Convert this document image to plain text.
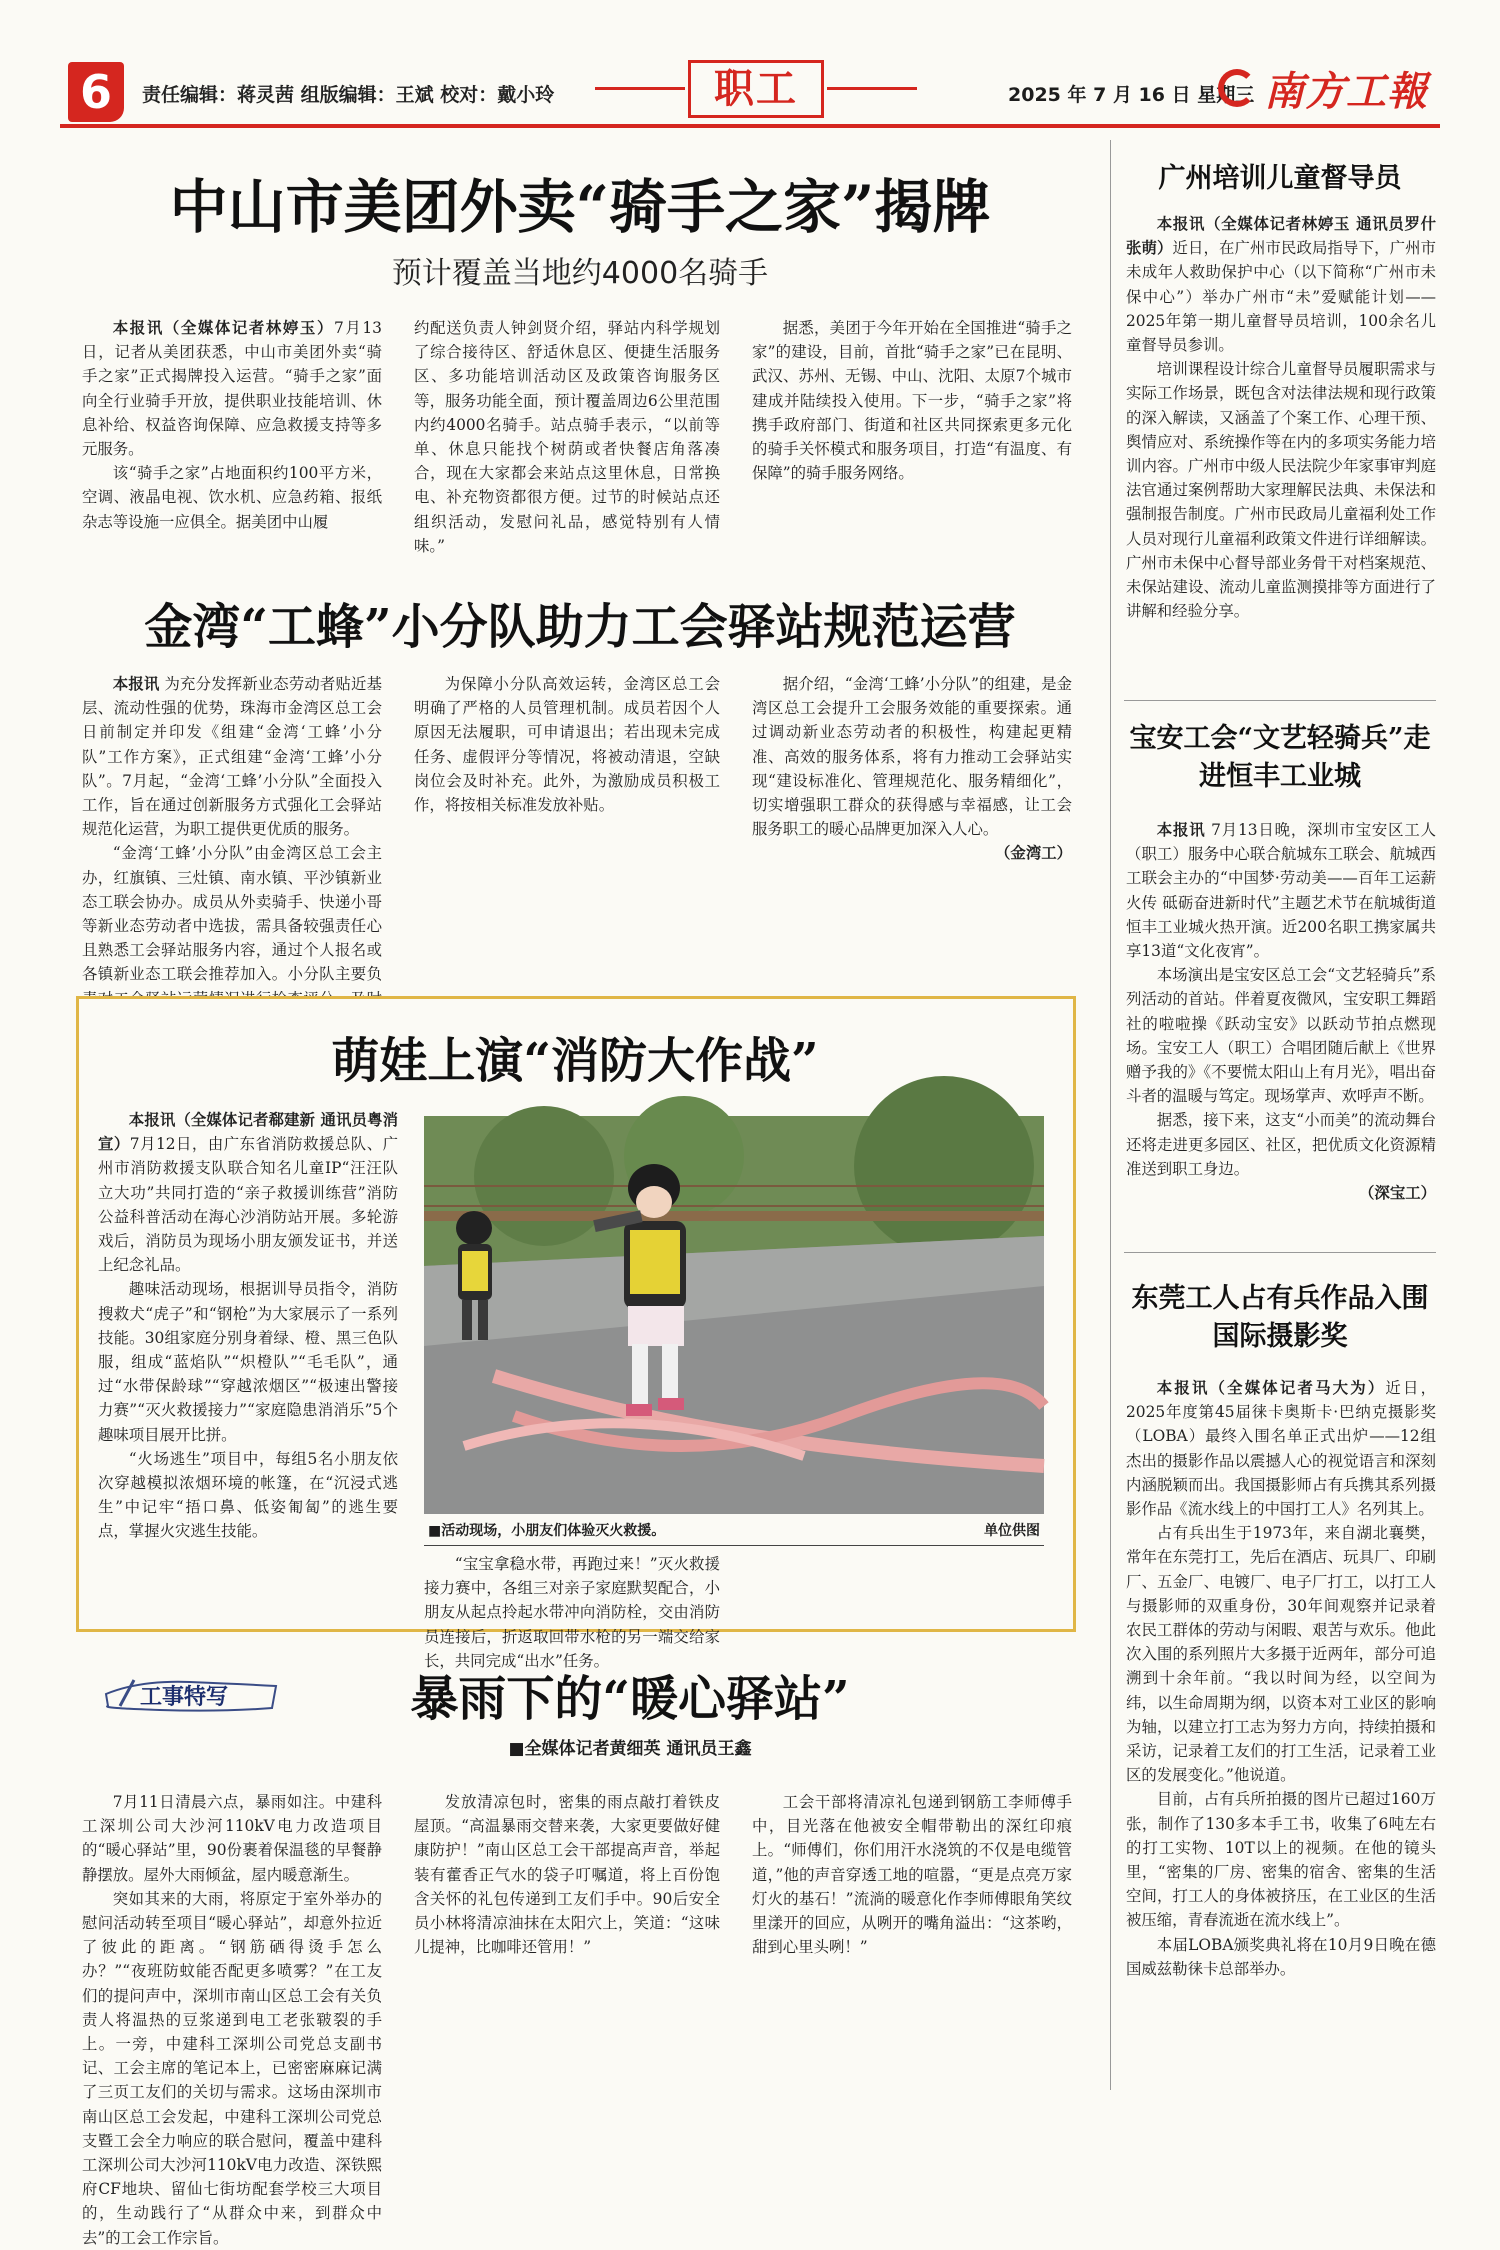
6	责任编辑：蒋灵茜 组版编辑：王斌 校对：戴小玲	职工	2025 年 7 月 16 日 星期三 南方工報
中山市美团外卖“骑手之家”揭牌
预计覆盖当地约4000名骑手

本报讯（全媒体记者林婷玉）7月13日，记者从美团获悉，中山市美团外卖“骑手之家”正式揭牌投入运营。“骑手之家”面向全行业骑手开放，提供职业技能培训、休息补给、权益咨询保障、应急救援支持等多元服务。

该“骑手之家”占地面积约100平方米，空调、液晶电视、饮水机、应急药箱、报纸杂志等设施一应俱全。据美团中山履

约配送负责人钟剑贤介绍，驿站内科学规划了综合接待区、舒适休息区、便捷生活服务区、多功能培训活动区及政策咨询服务区等，服务功能全面，预计覆盖周边6公里范围内约4000名骑手。站点骑手表示，“以前等单、休息只能找个树荫或者快餐店角落凑合，现在大家都会来站点这里休息，日常换电、补充物资都很方便。过节的时候站点还组织活动，发慰问礼品，感觉特别有人情味。”

据悉，美团于今年开始在全国推进“骑手之家”的建设，目前，首批“骑手之家”已在昆明、武汉、苏州、无锡、中山、沈阳、太原7个城市建成并陆续投入使用。下一步，“骑手之家”将携手政府部门、街道和社区共同探索更多元化的骑手关怀模式和服务项目，打造“有温度、有保障”的骑手服务网络。

金湾“工蜂”小分队助力工会驿站规范运营

本报讯 为充分发挥新业态劳动者贴近基层、流动性强的优势，珠海市金湾区总工会日前制定并印发《组建“金湾‘工蜂’小分队”工作方案》，正式组建“金湾‘工蜂’小分队”。7月起，“金湾‘工蜂’小分队”全面投入工作，旨在通过创新服务方式强化工会驿站规范化运营，为职工提供更优质的服务。

“金湾‘工蜂’小分队”由金湾区总工会主办，红旗镇、三灶镇、南水镇、平沙镇新业态工联会协办。成员从外卖骑手、快递小哥等新业态劳动者中选拔，需具备较强责任心且熟悉工会驿站服务内容，通过个人报名或各镇新业态工联会推荐加入。小分队主要负

为保障小分队高效运转，金湾区总工会明确了严格的人员管理机制。成员若因个人原因无法履职，可申请退出；若出现未完成任务、虚假评分等情况，将被动清退，空缺岗位会及时补充。此外，为激励成员积极工作，将按相关标准发放补贴。

据介绍，“金湾‘工蜂’小分队”的组建，是金湾区总工会提升工会服务效能的重要探索。通过调动新业态劳动者的积极性，构建起更精准、高效的服务体系，将有力推动工会驿站实现“建设标准化、管理规范化、服务精细化”，切实增强职工群众的获得感与幸福感，让工会服务职工的暖心品牌更加深入人心。

（金湾工）

萌娃上演“消防大作战”

本报讯（全媒体记者郗建新 通讯员粤消宣）7月12日，由广东省消防救援总队、广州市消防救援支队联合知名儿童IP“汪汪队立大功”共同打造的“亲子救援训练营”消防公益科普活动在海心沙消防站开展。多轮游戏后，消防员为现场小朋友颁发证书，并送上纪念礼品。

趣味活动现场，根据训导员指令，消防搜救犬“虎子”和“钢枪”为大家展示了一系列技能。30组家庭分别身着绿、橙、黑三色队服，组成“蓝焰队”“炽橙队”“毛毛队”，通过“水带保龄球”“穿越浓烟区”“极速出警接力赛”“灭火救援接力”“家庭隐患消消乐”5个趣味项目展开比拼。

“火场逃生”项目中，每组5名小朋友依次穿越模拟浓烟环境的帐篷，在“沉浸式逃生”中记牢“捂口鼻、低姿匍匐”的逃生要点，掌握火灾逃生技能。	■活动现场，小朋友们体验灭火救援。	单位供图

“宝宝拿稳水带，再跑过来！”灭火救援接力赛中，各组三对亲子家庭默契配合，小朋友从起点拎起水带冲向消防栓，交由消防员连接后，折返取回带水枪的另一端交给家长，共同完成“出水”任务。

工事特写	暴雨下的“暖心驿站”
■全媒体记者黄细英 通讯员王鑫

7月11日清晨六点，暴雨如注。中建科工深圳公司大沙河110kV电力改造项目的“暖心驿站”里，90份裹着保温毯的早餐静静摆放。屋外大雨倾盆，屋内暖意渐生。

突如其来的大雨，将原定于室外举办的慰问活动转至项目“暖心驿站”，却意外拉近了彼此的距离。“钢筋硒得烫手怎么办？”“夜班防蚊能否配更多喷雾？”在工友们的提问声中，深圳市南山区总工会有关负责人将温热的豆浆递到电工老张皲裂的手上。一旁，中建科工深圳公司党总支副书记、工会主席的笔记本上，已密密麻麻记满了三页工友们的关切与需求。这场由深圳市南山区总工会发起，中建科工深圳公司党总支暨工会全力响应的联合慰问，覆盖中建科工深圳公司大沙河110kV电力改造、深铁熙府CF地块、留仙七街坊配套学校三大项目的，生动践行了“从群众中来，到群众中去”的工会工作宗旨。

发放清凉包时，密集的雨点敲打着铁皮屋顶。“高温暴雨交替来袭，大家更要做好健康防护！”南山区总工会干部提高声音，举起装有藿香正气水的袋子叮嘱道，将上百份饱含关怀的礼包传递到工友们手中。90后安全员小林将清凉油抹在太阳穴上，笑道：“这味儿提神，比咖啡还管用！”

工会干部将清凉礼包递到钢筋工李师傅手中，目光落在他被安全帽带勒出的深红印痕上。“师傅们，你们用汗水浇筑的不仅是电缆管道，”他的声音穿透工地的喧嚣，“更是点亮万家灯火的基石！”流淌的暖意化作李师傅眼角笑纹里漾开的回应，从咧开的嘴角溢出：“这茶哟，甜到心里头咧！”

广州培训儿童督导员

本报讯（全媒体记者林婷玉 通讯员罗什 张萌）近日，在广州市民政局指导下，广州市未成年人救助保护中心（以下简称“广州市未保中心”）举办广州市“未”爱赋能计划——2025年第一期儿童督导员培训，100余名儿童督导员参训。

培训课程设计综合儿童督导员履职需求与实际工作场景，既包含对法律法规和现行政策的深入解读，又涵盖了个案工作、心理干预、舆情应对、系统操作等在内的多项实务能力培训内容。广州市中级人民法院少年家事审判庭法官通过案例帮助大家理解民法典、未保法和强制报告制度。广州市民政局儿童福利处工作人员对现行儿童福利政策文件进行详细解读。广州市未保中心督导部业务骨干对档案规范、未保站建设、流动儿童监测摸排等方面进行了讲解和经验分享。

宝安工会“文艺轻骑兵”走进恒丰工业城

本报讯 7月13日晚，深圳市宝安区工人（职工）服务中心联合航城东工联会、航城西工联会主办的“中国梦·劳动美——百年工运薪火传 砥砺奋进新时代”主题艺术节在航城街道恒丰工业城火热开演。近200名职工携家属共享13道“文化夜宵”。

本场演出是宝安区总工会“文艺轻骑兵”系列活动的首站。伴着夏夜微风，宝安职工舞蹈社的啦啦操《跃动宝安》以跃动节拍点燃现场。宝安工人（职工）合唱团随后献上《世界赠予我的》《不要慌太阳山上有月光》，唱出奋斗者的温暖与笃定。现场掌声、欢呼声不断。

据悉，接下来，这支“小而美”的流动舞台还将走进更多园区、社区，把优质文化资源精准送到职工身边。

（深宝工）

东莞工人占有兵作品入围国际摄影奖

本报讯（全媒体记者马大为）近日，2025年度第45届徕卡奥斯卡·巴纳克摄影奖（LOBA）最终入围名单正式出炉——12组杰出的摄影作品以震撼人心的视觉语言和深刻内涵脱颖而出。我国摄影师占有兵携其系列摄影作品《流水线上的中国打工人》名列其上。

占有兵出生于1973年，来自湖北襄樊，常年在东莞打工，先后在酒店、玩具厂、印刷厂、五金厂、电镀厂、电子厂打工，以打工人与摄影师的双重身份，30年间观察并记录着农民工群体的劳动与闲暇、艰苦与欢乐。他此次入围的系列照片大多摄于近两年，部分可追溯到十余年前。“我以时间为经，以空间为纬，以生命周期为纲，以资本对工业区的影响为轴，以建立打工志为努力方向，持续拍摄和采访，记录着工友们的打工生活，记录着工业区的发展变化。”他说道。

目前，占有兵所拍摄的图片已超过160万张，制作了130多本手工书，收集了6吨左右的打工实物、10T以上的视频。在他的镜头里，“密集的厂房、密集的宿舍、密集的生活空间，打工人的身体被挤压，在工业区的生活被压缩，青春流逝在流水线上”。

本届LOBA颁奖典礼将在10月9日晚在德国威兹勒徕卡总部举办。
